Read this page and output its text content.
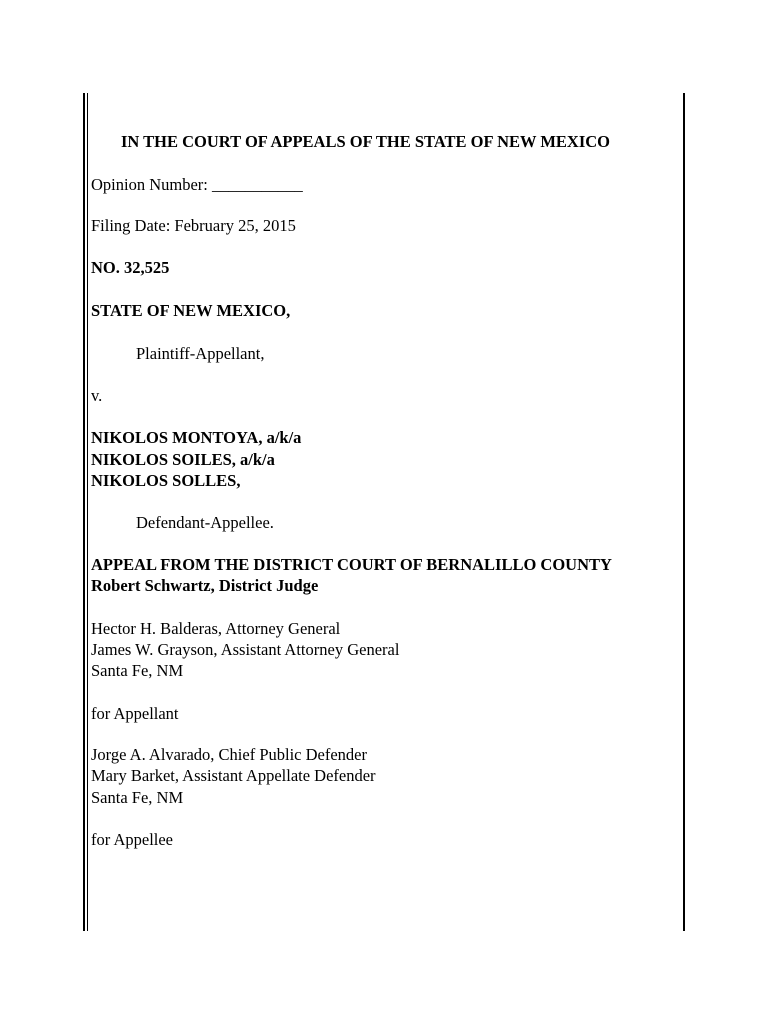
IN THE COURT OF APPEALS OF THE STATE OF NEW MEXICO
Opinion Number: ___________
Filing Date: February 25, 2015
NO. 32,525
STATE OF NEW MEXICO,
Plaintiff-Appellant,
v.
NIKOLOS MONTOYA, a/k/a
NIKOLOS SOILES, a/k/a
NIKOLOS SOLLES,
Defendant-Appellee.
APPEAL FROM THE DISTRICT COURT OF BERNALILLO COUNTY
Robert Schwartz, District Judge
Hector H. Balderas, Attorney General
James W. Grayson, Assistant Attorney General
Santa Fe, NM
for Appellant
Jorge A. Alvarado, Chief Public Defender
Mary Barket, Assistant Appellate Defender
Santa Fe, NM
for Appellee
